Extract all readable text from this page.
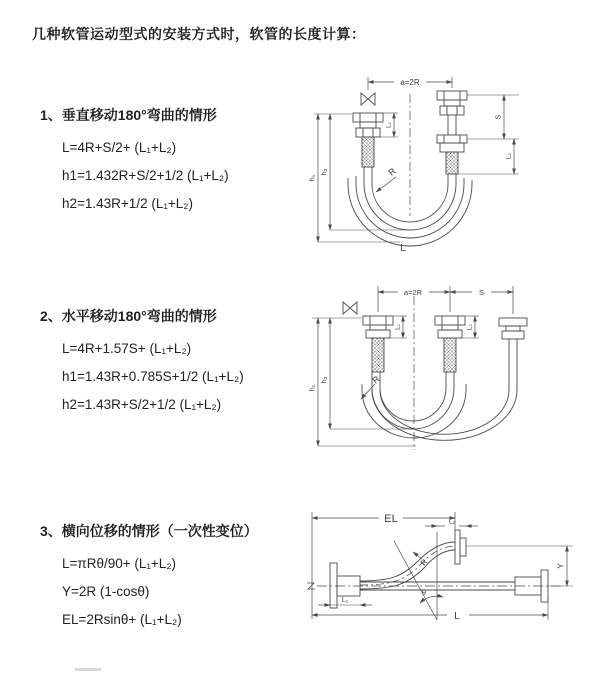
几种软管运动型式的安装方式时，软管的长度计算：
1、垂直移动180°弯曲的情形
L=4R+S/2+ (L₁+L₂)
h1=1.432R+S/2+1/2 (L₁+L₂)
h2=1.43R+1/2 (L₁+L₂)
2、水平移动180°弯曲的情形
L=4R+1.57S+ (L₁+L₂)
h1=1.43R+0.785S+1/2 (L₁+L₂)
h2=1.43R+S/2+1/2 (L₁+L₂)
3、横向位移的情形（一次性变位）
L=πRθ/90+ (L₁+L₂)
Y=2R (1-cosθ)
EL=2Rsinθ+ (L₁+L₂)
a=2R
L₁
S
L₂
h₁
h₂	R
L
a=2R	S
L₁	L₂
h₁
h₂	R
EL	L₂
Y
L₁
L
R
θ
